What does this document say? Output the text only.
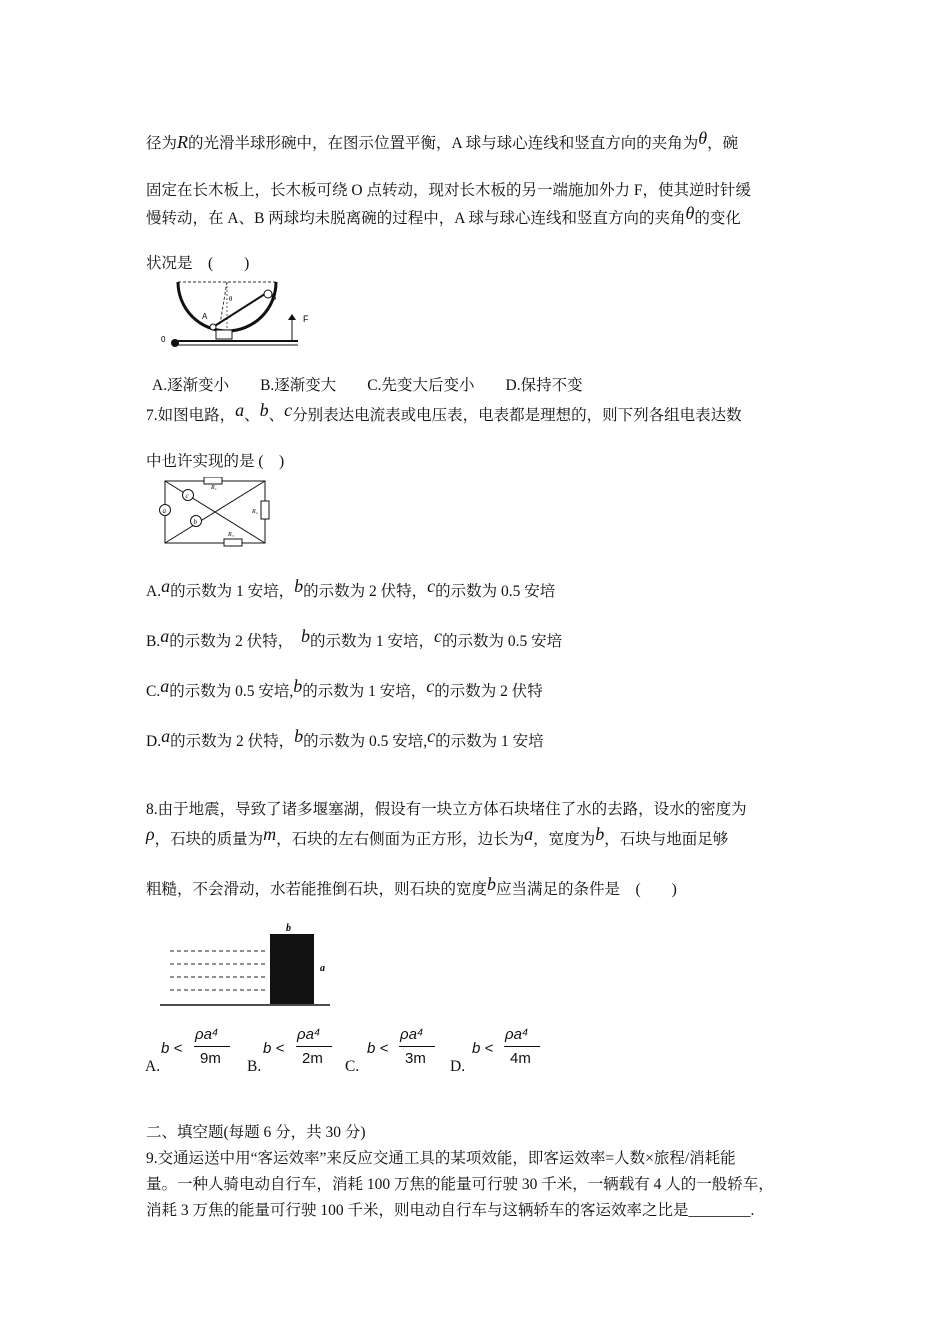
径为R的光滑半球形碗中，在图示位置平衡，A 球与球心连线和竖直方向的夹角为θ，碗
固定在长木板上，长木板可绕 O 点转动，现对长木板的另一端施加外力 F，使其逆时针缓
慢转动，在 A、B 两球均未脱离碗的过程中，A 球与球心连线和竖直方向的夹角θ的变化
状况是　(　　)
0
A
B
θ
F
A.逐渐变小　　B.逐渐变大　　C.先变大后变小　　D.保持不变
7.如图电路，a、b、c分别表达电流表或电压表，电表都是理想的，则下列各组电表达数
中也许实现的是 (　)
R₁
R₂
R₃
a
c
b
A.a的示数为 1 安培，b的示数为 2 伏特，c的示数为 0.5 安培
B.a的示数为 2 伏特， b的示数为 1 安培，c的示数为 0.5 安培
C.a的示数为 0.5 安培,b的示数为 1 安培，c的示数为 2 伏特
D.a的示数为 2 伏特，b的示数为 0.5 安培,c的示数为 1 安培
8.由于地震，导致了诸多堰塞湖，假设有一块立方体石块堵住了水的去路，设水的密度为
ρ，石块的质量为m，石块的左右侧面为正方形，边长为a，宽度为b，石块与地面足够
粗糙，不会滑动，水若能推倒石块，则石块的宽度b应当满足的条件是　(　　)
b
a
b <
ρa⁴
9m
A.
b <
ρa⁴
2m
B.
b <
ρa⁴
3m
C.
b <
ρa⁴
4m
D.
二、填空题(每题 6 分，共 30 分)
9.交通运送中用“客运效率”来反应交通工具的某项效能，即客运效率=人数×旅程/消耗能
量。一种人骑电动自行车，消耗 100 万焦的能量可行驶 30 千米，一辆载有 4 人的一般轿车，
消耗 3 万焦的能量可行驶 100 千米，则电动自行车与这辆轿车的客运效率之比是________.
